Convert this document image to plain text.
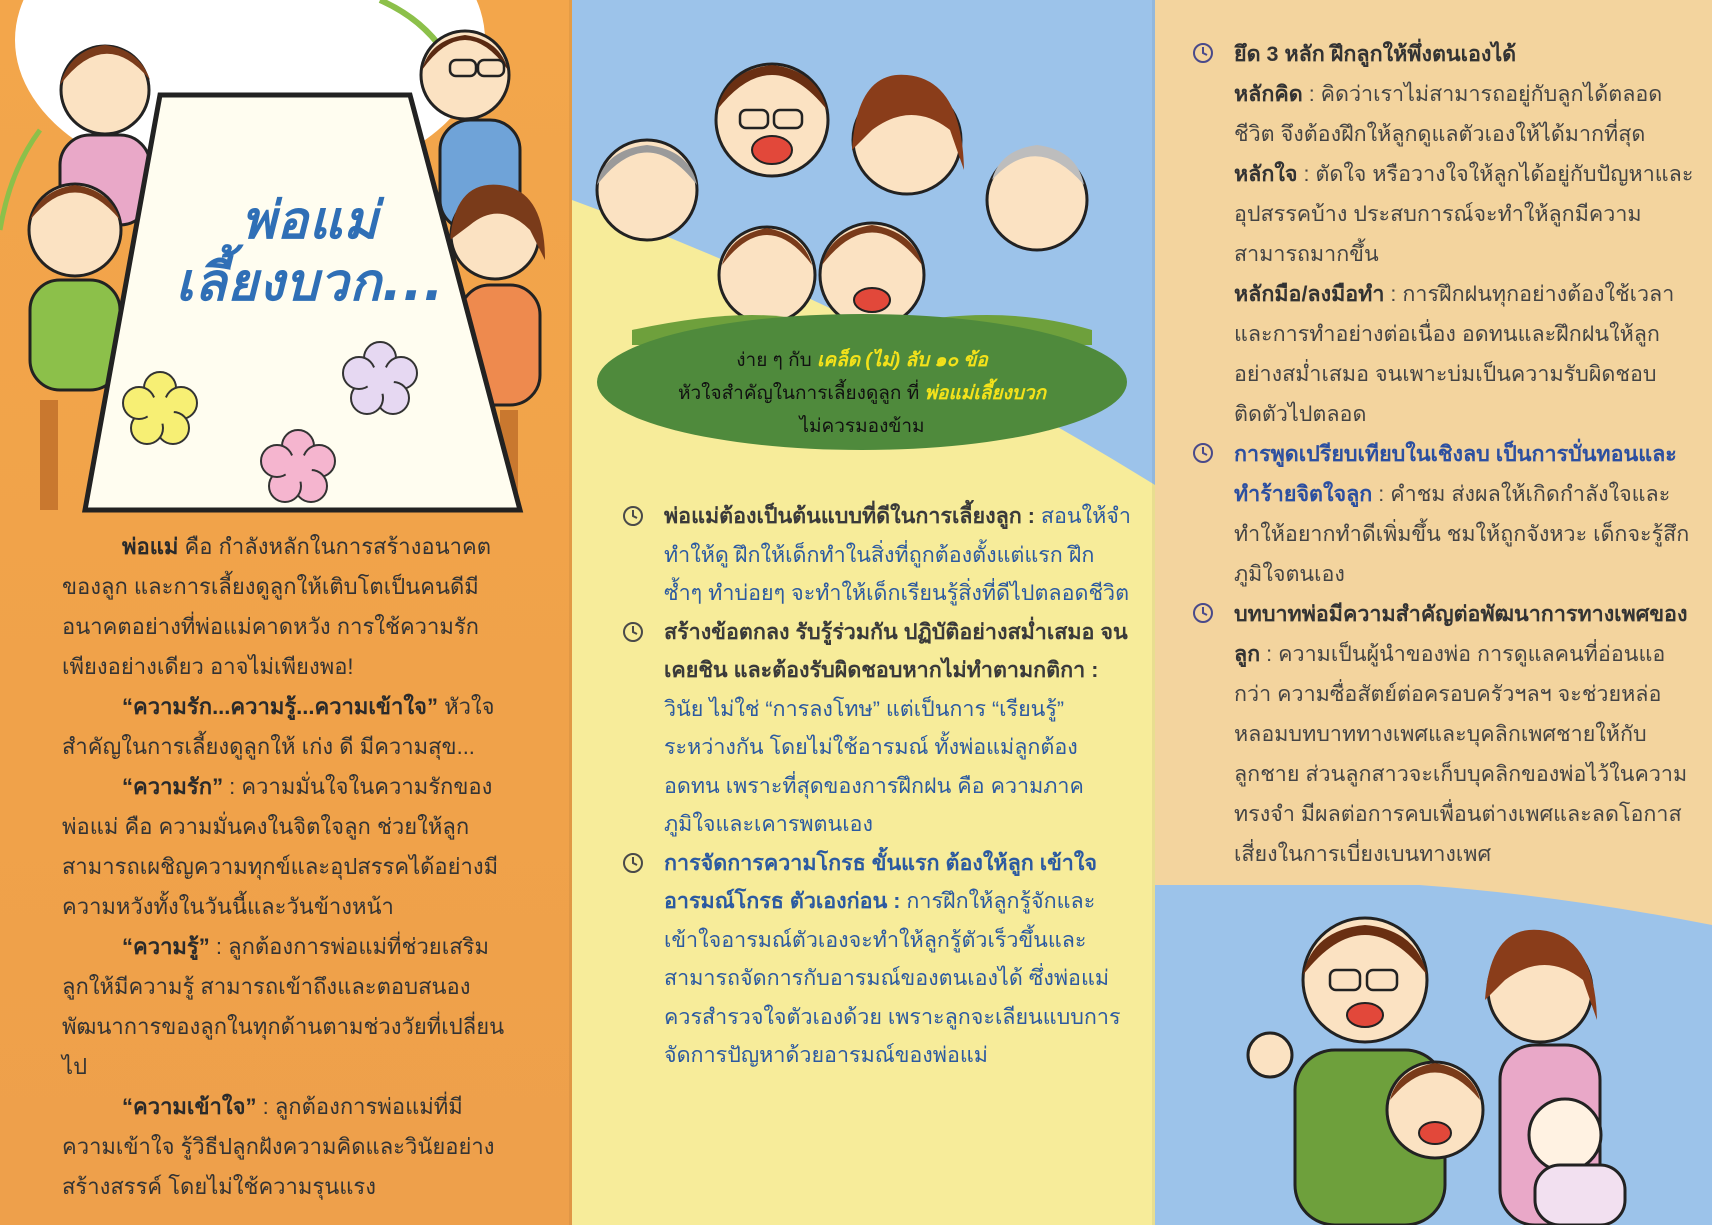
พ่อแม่
เลี้ยงบวก...

พ่อแม่ คือ กำลังหลักในการสร้างอนาคตของลูก และการเลี้ยงดูลูกให้เติบโตเป็นคนดีมีอนาคตอย่างที่พ่อแม่คาดหวัง การใช้ความรักเพียงอย่างเดียว อาจไม่เพียงพอ!

“ความรัก...ความรู้...ความเข้าใจ” หัวใจสำคัญในการเลี้ยงดูลูกให้ เก่ง ดี มีความสุข...

“ความรัก” : ความมั่นใจในความรักของพ่อแม่ คือ ความมั่นคงในจิตใจลูก ช่วยให้ลูกสามารถเผชิญความทุกข์และอุปสรรคได้อย่างมีความหวังทั้งในวันนี้และวันข้างหน้า

“ความรู้” : ลูกต้องการพ่อแม่ที่ช่วยเสริมลูกให้มีความรู้ สามารถเข้าถึงและตอบสนองพัฒนาการของลูกในทุกด้านตามช่วงวัยที่เปลี่ยนไป

“ความเข้าใจ” : ลูกต้องการพ่อแม่ที่มีความเข้าใจ รู้วิธีปลูกฝังความคิดและวินัยอย่างสร้างสรรค์ โดยไม่ใช้ความรุนแรง

ง่าย ๆ กับ เคล็ด (ไม่) ลับ ๑๐ ข้อ
หัวใจสำคัญในการเลี้ยงดูลูก ที่ พ่อแม่เลี้ยงบวก
ไม่ควรมองข้าม

พ่อแม่ต้องเป็นต้นแบบที่ดีในการเลี้ยงลูก : สอนให้จำ ทำให้ดู ฝึกให้เด็กทำในสิ่งที่ถูกต้องตั้งแต่แรก ฝึกซ้ำๆ ทำบ่อยๆ จะทำให้เด็กเรียนรู้สิ่งที่ดีไปตลอดชีวิต

สร้างข้อตกลง รับรู้ร่วมกัน ปฏิบัติอย่างสม่ำเสมอ จนเคยชิน และต้องรับผิดชอบหากไม่ทำตามกติกา : วินัย ไม่ใช่ “การลงโทษ” แต่เป็นการ “เรียนรู้” ระหว่างกัน โดยไม่ใช้อารมณ์ ทั้งพ่อแม่ลูกต้องอดทน เพราะที่สุดของการฝึกฝน คือ ความภาคภูมิใจและเคารพตนเอง

การจัดการความโกรธ ขั้นแรก ต้องให้ลูก เข้าใจอารมณ์โกรธ ตัวเองก่อน : การฝึกให้ลูกรู้จักและเข้าใจอารมณ์ตัวเองจะทำให้ลูกรู้ตัวเร็วขึ้นและสามารถจัดการกับอารมณ์ของตนเองได้ ซึ่งพ่อแม่ควรสำรวจใจตัวเองด้วย เพราะลูกจะเลียนแบบการจัดการปัญหาด้วยอารมณ์ของพ่อแม่

ยึด 3 หลัก ฝึกลูกให้พึ่งตนเองได้

หลักคิด : คิดว่าเราไม่สามารถอยู่กับลูกได้ตลอดชีวิต จึงต้องฝึกให้ลูกดูแลตัวเองให้ได้มากที่สุด

หลักใจ : ตัดใจ หรือวางใจให้ลูกได้อยู่กับปัญหาและอุปสรรคบ้าง ประสบการณ์จะทำให้ลูกมีความสามารถมากขึ้น

หลักมือ/ลงมือทำ : การฝึกฝนทุกอย่างต้องใช้เวลาและการทำอย่างต่อเนื่อง อดทนและฝึกฝนให้ลูก อย่างสม่ำเสมอ จนเพาะบ่มเป็นความรับผิดชอบติดตัวไปตลอด

การพูดเปรียบเทียบในเชิงลบ เป็นการบั่นทอนและทำร้ายจิตใจลูก : คำชม ส่งผลให้เกิดกำลังใจและทำให้อยากทำดีเพิ่มขึ้น ชมให้ถูกจังหวะ เด็กจะรู้สึกภูมิใจตนเอง

บทบาทพ่อมีความสำคัญต่อพัฒนาการทางเพศของลูก : ความเป็นผู้นำของพ่อ การดูแลคนที่อ่อนแอกว่า ความซื่อสัตย์ต่อครอบครัวฯลฯ จะช่วยหล่อหลอมบทบาททางเพศและบุคลิกเพศชายให้กับลูกชาย ส่วนลูกสาวจะเก็บบุคลิกของพ่อไว้ในความทรงจำ มีผลต่อการคบเพื่อนต่างเพศและลดโอกาสเสี่ยงในการเบี่ยงเบนทางเพศ
